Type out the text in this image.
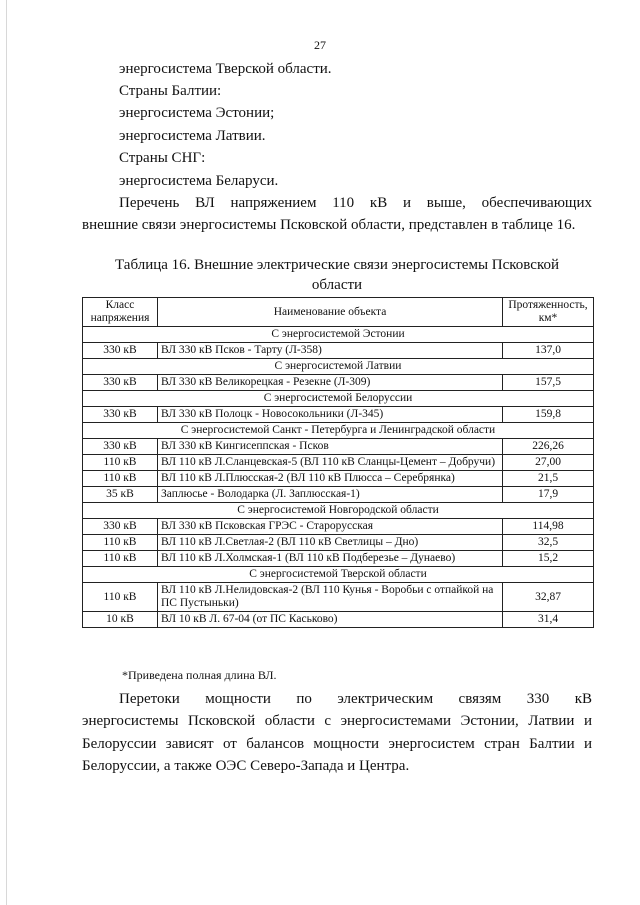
27
энергосистема Тверской области.
Страны Балтии:
энергосистема Эстонии;
энергосистема Латвии.
Страны СНГ:
энергосистема Беларуси.
Перечень ВЛ напряжением 110 кВ и выше, обеспечивающих
внешние связи энергосистемы Псковской области, представлен в таблице 16.
Таблица 16. Внешние электрические связи энергосистемы Псковской
области
Класс напряжения	Наименование объекта	Протяженность, км*
С энергосистемой Эстонии		
330 кВ	ВЛ 330 кВ Псков - Тарту (Л-358)	137,0
С энергосистемой Латвии		
330 кВ	ВЛ 330 кВ Великорецкая - Резекне (Л-309)	157,5
С энергосистемой Белоруссии		
330 кВ	ВЛ 330 кВ Полоцк - Новосокольники (Л-345)	159,8
С энергосистемой Санкт - Петербурга и Ленинградской области		
330 кВ	ВЛ 330 кВ Кингисеппская - Псков	226,26
110 кВ	ВЛ 110 кВ Л.Сланцевская-5 (ВЛ 110 кВ Сланцы-Цемент – Добручи)	27,00
110 кВ	ВЛ 110 кВ Л.Плюсская-2 (ВЛ 110 кВ Плюсса – Серебрянка)	21,5
35 кВ	Заплюсье - Володарка (Л. Заплюсская-1)	17,9
С энергосистемой Новгородской области		
330 кВ	ВЛ 330 кВ Псковская ГРЭС - Старорусская	114,98
110 кВ	ВЛ 110 кВ Л.Светлая-2 (ВЛ 110 кВ Светлицы – Дно)	32,5
110 кВ	ВЛ 110 кВ Л.Холмская-1 (ВЛ 110 кВ Подберезье – Дунаево)	15,2
С энергосистемой Тверской области		
110 кВ	ВЛ 110 кВ Л.Нелидовская-2 (ВЛ 110 Кунья - Воробьи с отпайкой на ПС Пустыньки)	32,87
10 кВ	ВЛ 10 кВ Л. 67-04 (от ПС Каськово)	31,4
*Приведена полная длина ВЛ.
Перетоки мощности по электрическим связям 330 кВ
энергосистемы Псковской области с энергосистемами Эстонии, Латвии и
Белоруссии зависят от балансов мощности энергосистем стран Балтии и
Белоруссии, а также ОЭС Северо-Запада и Центра.
